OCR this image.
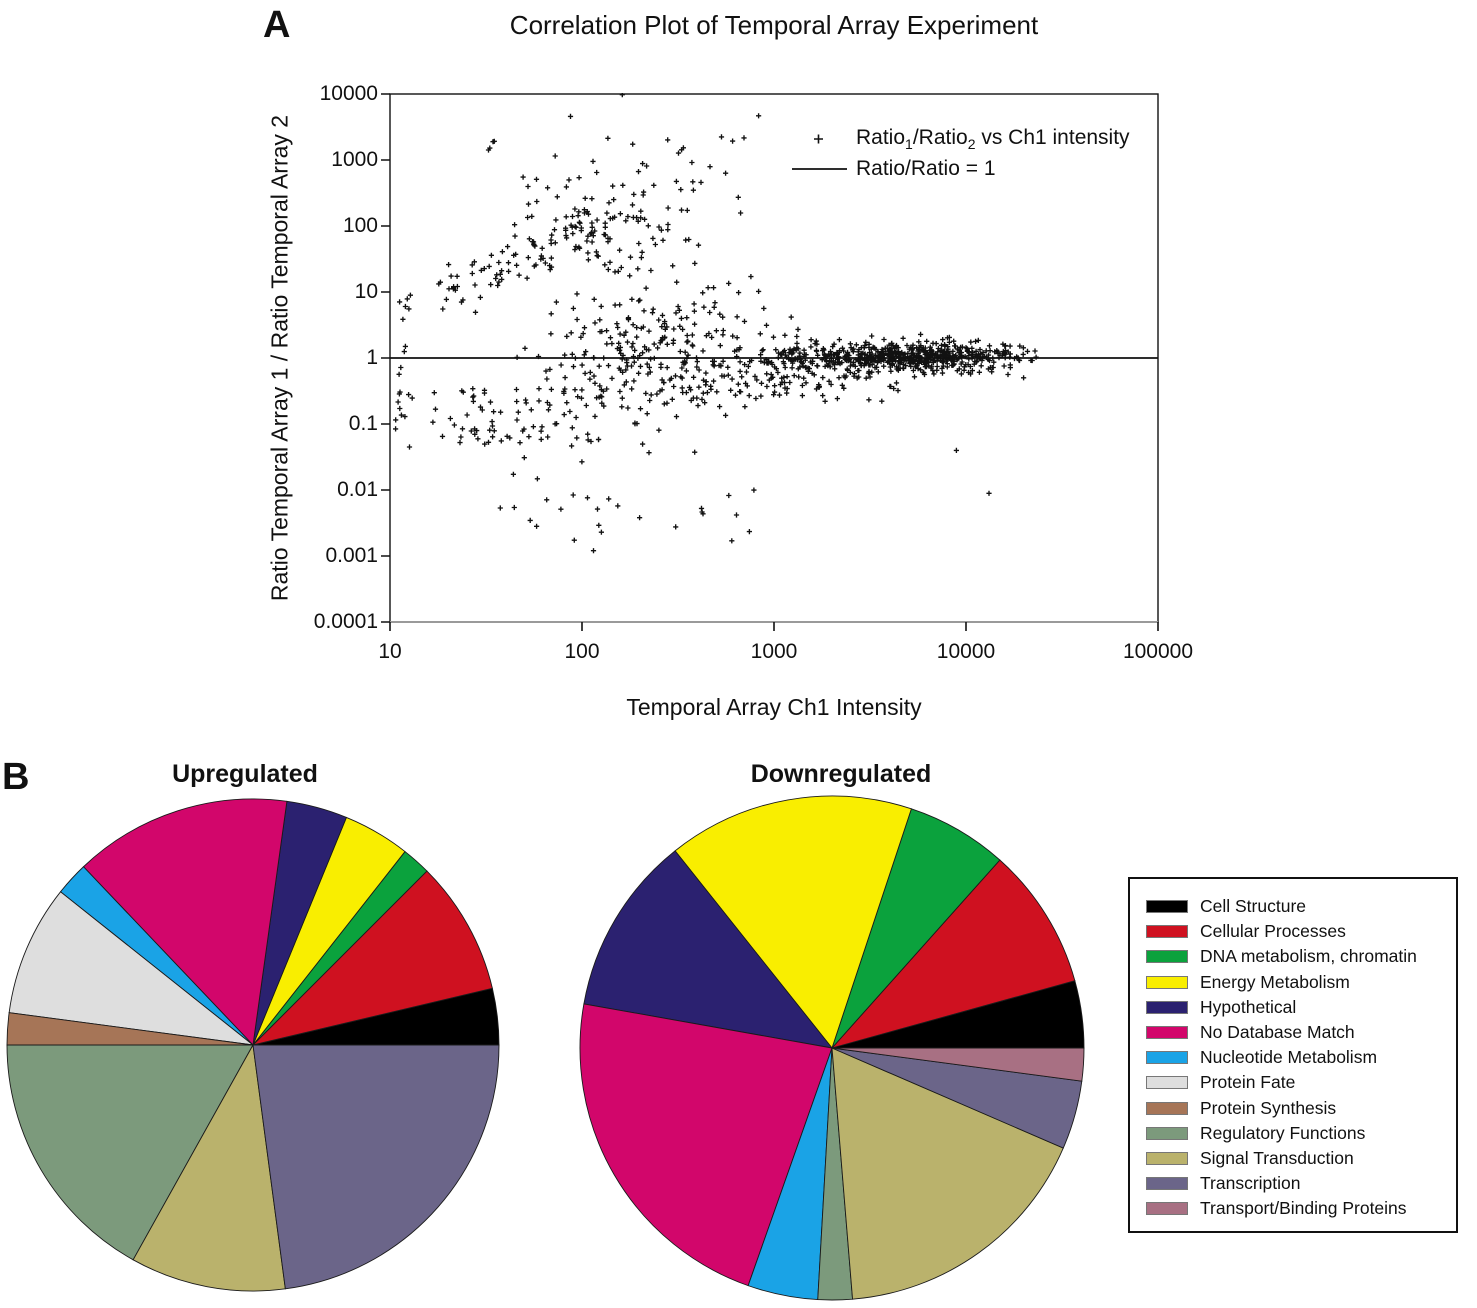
A	Correlation Plot of Temporal Array Experiment
Ratio$_1$/Ratio$_2$ vs Ch1 intensity
Ratio/Ratio = 1
10000
1000
100
10
1
0.1
0.01
0.001
0.0001
10	100	1000	10000	100000
Ratio Temporal Array 1 / Ratio Temporal Array 2
Temporal Array Ch1 Intensity
B	Upregulated	Downregulated
Cell Structure
Cellular Processes
DNA metabolism, chromatin
Energy Metabolism
Hypothetical
No Database Match
Nucleotide Metabolism
Protein Fate
Protein Synthesis
Regulatory Functions
Signal Transduction
Transcription
Transport/Binding Proteins
